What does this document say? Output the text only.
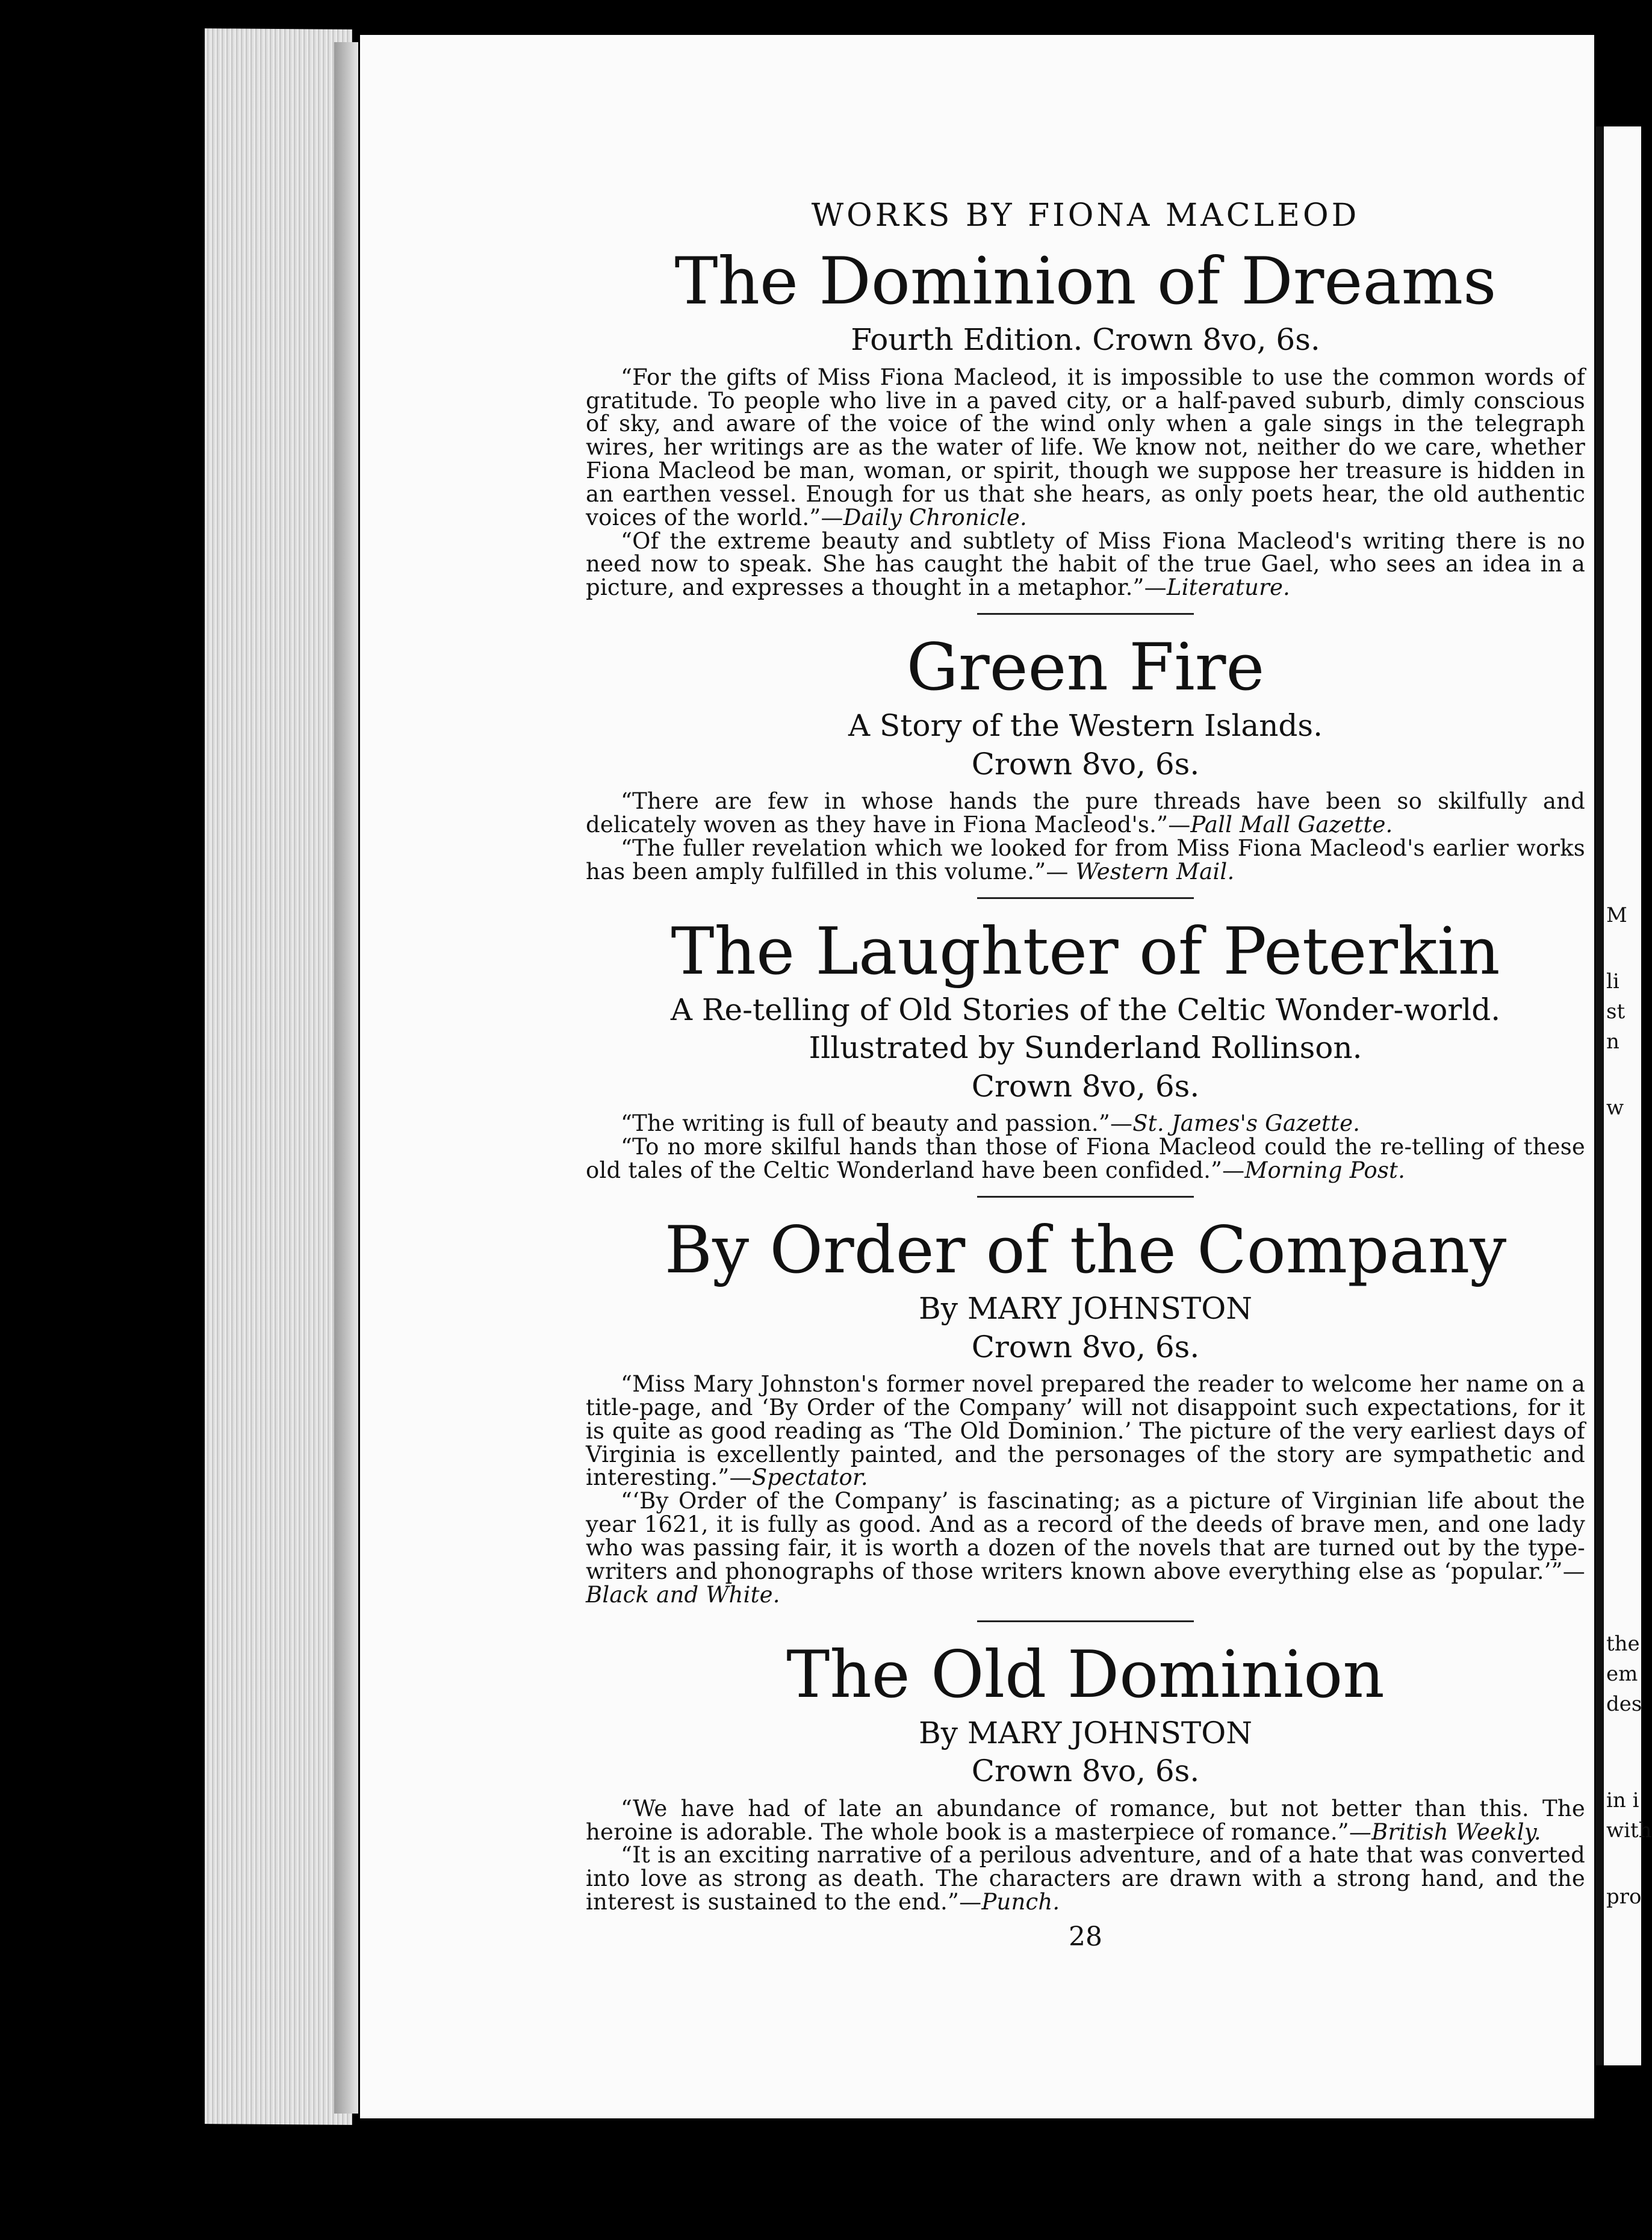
WORKS BY FIONA MACLEOD

The Dominion of Dreams

Fourth Edition. Crown 8vo, 6s.

“For the gifts of Miss Fiona Macleod, it is impossible to use the common words of gratitude. To people who live in a paved city, or a half-paved suburb, dimly conscious of sky, and aware of the voice of the wind only when a gale sings in the telegraph wires, her writings are as the water of life. We know not, neither do we care, whether Fiona Macleod be man, woman, or spirit, though we suppose her treasure is hidden in an earthen vessel. Enough for us that she hears, as only poets hear, the old authentic voices of the world.”—Daily Chronicle.

“Of the extreme beauty and subtlety of Miss Fiona Macleod's writing there is no need now to speak. She has caught the habit of the true Gael, who sees an idea in a picture, and expresses a thought in a metaphor.”—Literature.

Green Fire

A Story of the Western Islands.

Crown 8vo, 6s.

“There are few in whose hands the pure threads have been so skilfully and delicately woven as they have in Fiona Macleod's.”—Pall Mall Gazette.

“The fuller revelation which we looked for from Miss Fiona Macleod's earlier works has been amply fulfilled in this volume.”— Western Mail.

The Laughter of Peterkin

A Re-telling of Old Stories of the Celtic Wonder-world.

Illustrated by Sunderland Rollinson.

Crown 8vo, 6s.

“The writing is full of beauty and passion.”—St. James's Gazette.

“To no more skilful hands than those of Fiona Macleod could the re-telling of these old tales of the Celtic Wonderland have been confided.”—Morning Post.

By Order of the Company

By MARY JOHNSTON

Crown 8vo, 6s.

“Miss Mary Johnston's former novel prepared the reader to welcome her name on a title-page, and ‘By Order of the Company’ will not disappoint such expectations, for it is quite as good reading as ‘The Old Dominion.’ The picture of the very earliest days of Virginia is excellently painted, and the personages of the story are sympathetic and interesting.”—Spectator.

“‘By Order of the Company’ is fascinating; as a picture of Virginian life about the year 1621, it is fully as good. And as a record of the deeds of brave men, and one lady who was passing fair, it is worth a dozen of the novels that are turned out by the type-writers and phonographs of those writers known above everything else as ‘popular.’”—Black and White.

The Old Dominion

By MARY JOHNSTON

Crown 8vo, 6s.

“We have had of late an abundance of romance, but not better than this. The heroine is adorable. The whole book is a masterpiece of romance.”—British Weekly.

“It is an exciting narrative of a perilous adventure, and of a hate that was converted into love as strong as death. The characters are drawn with a strong hand, and the interest is sustained to the end.”—Punch.

28

M
li
st
n
w
the
em
des
in i
with
pro
